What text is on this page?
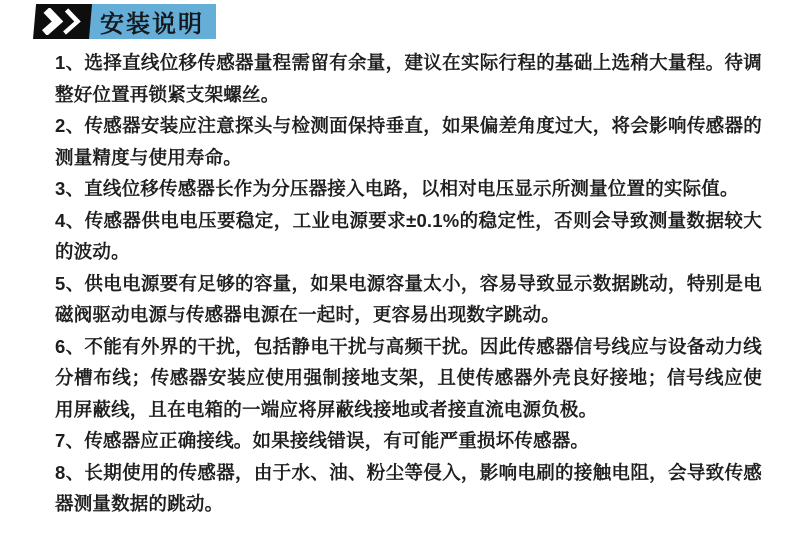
安装说明

1、选择直线位移传感器量程需留有余量，建议在实际行程的基础上选稍大量程。待调整好位置再锁紧支架螺丝。

2、传感器安装应注意探头与检测面保持垂直，如果偏差角度过大，将会影响传感器的测量精度与使用寿命。

3、直线位移传感器长作为分压器接入电路，以相对电压显示所测量位置的实际值。

4、传感器供电电压要稳定，工业电源要求±0.1%的稳定性，否则会导致测量数据较大的波动。

5、供电电源要有足够的容量，如果电源容量太小，容易导致显示数据跳动，特别是电磁阀驱动电源与传感器电源在一起时，更容易出现数字跳动。

6、不能有外界的干扰，包括静电干扰与高频干扰。因此传感器信号线应与设备动力线分槽布线；传感器安装应使用强制接地支架，且使传感器外壳良好接地；信号线应使用屏蔽线，且在电箱的一端应将屏蔽线接地或者接直流电源负极。

7、传感器应正确接线。如果接线错误，有可能严重损坏传感器。

8、长期使用的传感器，由于水、油、粉尘等侵入，影响电刷的接触电阻，会导致传感器测量数据的跳动。
